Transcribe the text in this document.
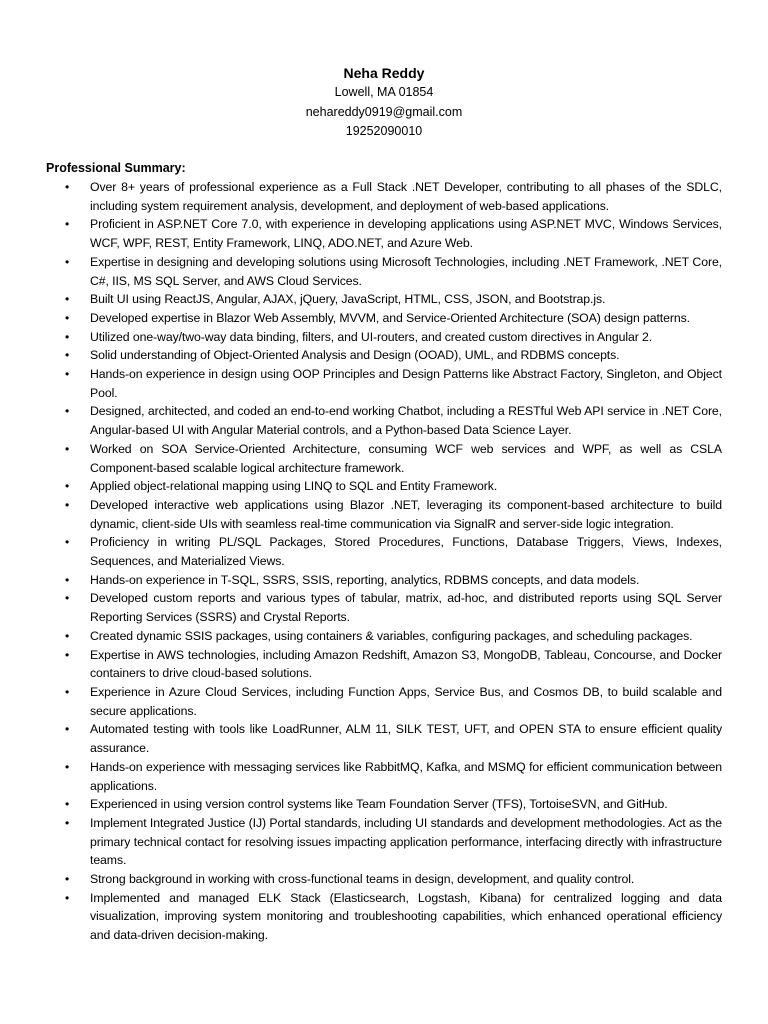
Neha Reddy
Lowell, MA 01854
nehareddy0919@gmail.com
19252090010
Professional Summary:
• Over 8+ years of professional experience as a Full Stack .NET Developer, contributing to all phases of the SDLC, including system requirement analysis, development, and deployment of web-based applications.
• Proficient in ASP.NET Core 7.0, with experience in developing applications using ASP.NET MVC, Windows Services, WCF, WPF, REST, Entity Framework, LINQ, ADO.NET, and Azure Web.
• Expertise in designing and developing solutions using Microsoft Technologies, including .NET Framework, .NET Core, C#, IIS, MS SQL Server, and AWS Cloud Services.
• Built UI using ReactJS, Angular, AJAX, jQuery, JavaScript, HTML, CSS, JSON, and Bootstrap.js.
• Developed expertise in Blazor Web Assembly, MVVM, and Service-Oriented Architecture (SOA) design patterns.
• Utilized one-way/two-way data binding, filters, and UI-routers, and created custom directives in Angular 2.
• Solid understanding of Object-Oriented Analysis and Design (OOAD), UML, and RDBMS concepts.
• Hands-on experience in design using OOP Principles and Design Patterns like Abstract Factory, Singleton, and Object Pool.
• Designed, architected, and coded an end-to-end working Chatbot, including a RESTful Web API service in .NET Core, Angular-based UI with Angular Material controls, and a Python-based Data Science Layer.
• Worked on SOA Service-Oriented Architecture, consuming WCF web services and WPF, as well as CSLA Component-based scalable logical architecture framework.
• Applied object-relational mapping using LINQ to SQL and Entity Framework.
• Developed interactive web applications using Blazor .NET, leveraging its component-based architecture to build dynamic, client-side UIs with seamless real-time communication via SignalR and server-side logic integration.
• Proficiency in writing PL/SQL Packages, Stored Procedures, Functions, Database Triggers, Views, Indexes, Sequences, and Materialized Views.
• Hands-on experience in T-SQL, SSRS, SSIS, reporting, analytics, RDBMS concepts, and data models.
• Developed custom reports and various types of tabular, matrix, ad-hoc, and distributed reports using SQL Server Reporting Services (SSRS) and Crystal Reports.
• Created dynamic SSIS packages, using containers & variables, configuring packages, and scheduling packages.
• Expertise in AWS technologies, including Amazon Redshift, Amazon S3, MongoDB, Tableau, Concourse, and Docker containers to drive cloud-based solutions.
• Experience in Azure Cloud Services, including Function Apps, Service Bus, and Cosmos DB, to build scalable and secure applications.
• Automated testing with tools like LoadRunner, ALM 11, SILK TEST, UFT, and OPEN STA to ensure efficient quality assurance.
• Hands-on experience with messaging services like RabbitMQ, Kafka, and MSMQ for efficient communication between applications.
• Experienced in using version control systems like Team Foundation Server (TFS), TortoiseSVN, and GitHub.
• Implement Integrated Justice (IJ) Portal standards, including UI standards and development methodologies. Act as the primary technical contact for resolving issues impacting application performance, interfacing directly with infrastructure teams.
• Strong background in working with cross-functional teams in design, development, and quality control.
• Implemented and managed ELK Stack (Elasticsearch, Logstash, Kibana) for centralized logging and data visualization, improving system monitoring and troubleshooting capabilities, which enhanced operational efficiency and data-driven decision-making.
